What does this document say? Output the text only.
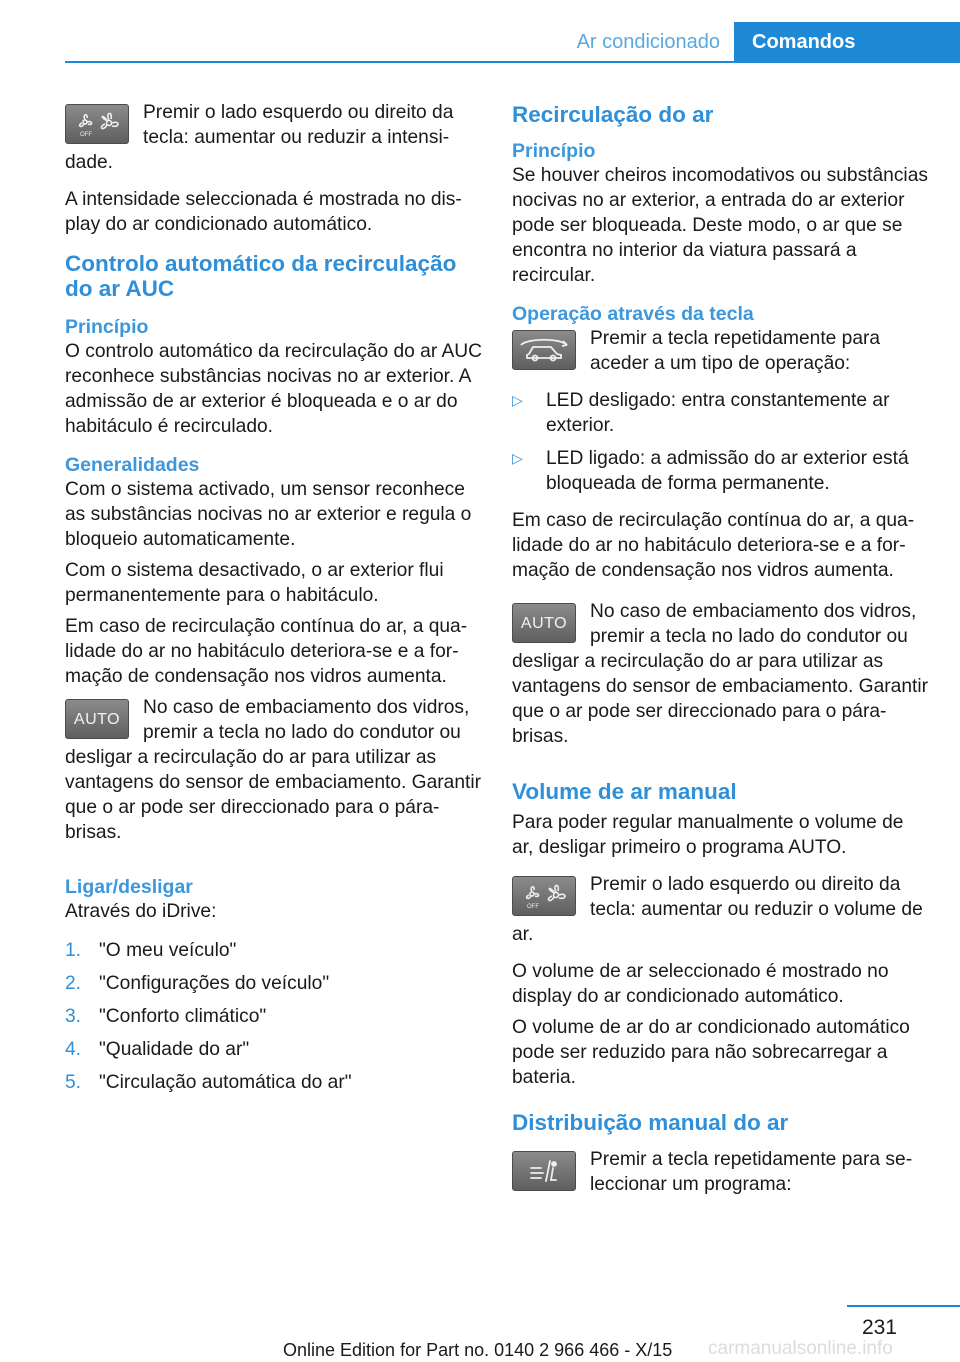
Ar condicionado	Comandos
OFF
Premir o lado esquerdo ou direito da tecla: aumentar ou reduzir a intensidade.

A intensidade seleccionada é mostrada no display do ar condicionado automático.

Controlo automático da recirculação do ar AUC
Princípio

O controlo automático da recirculação do ar AUC reconhece substâncias nocivas no ar exterior. A admissão de ar exterior é bloqueada e o ar do habitáculo é recirculado.

Generalidades

Com o sistema activado, um sensor reconhece as substâncias nocivas no ar exterior e regula o bloqueio automaticamente.

Com o sistema desactivado, o ar exterior flui permanentemente para o habitáculo.

Em caso de recirculação contínua do ar, a qualidade do ar no habitáculo deteriora-se e a formação de condensação nos vidros aumenta.

AUTO
No caso de embaciamento dos vidros, premir a tecla no lado do condutor ou desligar a recirculação do ar para utilizar as vantagens do sensor de embaciamento. Garantir que o ar pode ser direccionado para o pára-brisas.
Ligar/desligar

Através do iDrive:

1. "O meu veículo"
2. "Configurações do veículo"
3. "Conforto climático"
4. "Qualidade do ar"
5. "Circulação automática do ar"
Recirculação do ar
Princípio

Se houver cheiros incomodativos ou substâncias nocivas no ar exterior, a entrada do ar exterior pode ser bloqueada. Deste modo, o ar que se encontra no interior da viatura passará a recircular.

Operação através da tecla
Premir a tecla repetidamente para aceder a um tipo de operação:
▷ LED desligado: entra constantemente ar exterior.
▷ LED ligado: a admissão do ar exterior está bloqueada de forma permanente.

Em caso de recirculação contínua do ar, a qualidade do ar no habitáculo deteriora-se e a formação de condensação nos vidros aumenta.

AUTO
No caso de embaciamento dos vidros, premir a tecla no lado do condutor ou desligar a recirculação do ar para utilizar as vantagens do sensor de embaciamento. Garantir que o ar pode ser direccionado para o pára-brisas.
Volume de ar manual

Para poder regular manualmente o volume de ar, desligar primeiro o programa AUTO.

OFF
Premir o lado esquerdo ou direito da tecla: aumentar ou reduzir o volume de ar.

O volume de ar seleccionado é mostrado no display do ar condicionado automático.

O volume de ar do ar condicionado automático pode ser reduzido para não sobrecarregar a bateria.

Distribuição manual do ar
Premir a tecla repetidamente para seleccionar um programa:
231
Online Edition for Part no. 0140 2 966 466 - X/15 carmanualsonline.info
